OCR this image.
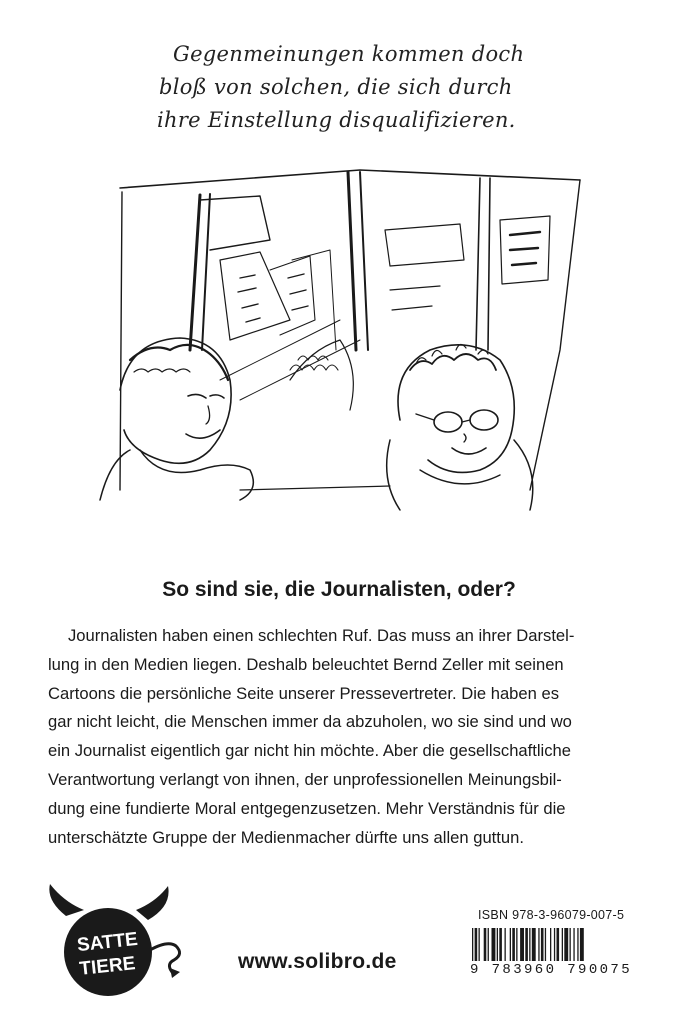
Gegenmeinungen kommen doch
bloß von solchen, die sich durch
ihre Einstellung disqualifizieren.
So sind sie, die Journalisten, oder?
Journalisten haben einen schlechten Ruf. Das muss an ihrer Darstel-
lung in den Medien liegen. Deshalb beleuchtet Bernd Zeller mit seinen
Cartoons die persönliche Seite unserer Pressevertreter. Die haben es
gar nicht leicht, die Menschen immer da abzuholen, wo sie sind und wo
ein Journalist eigentlich gar nicht hin möchte. Aber die gesellschaftliche
Verantwortung verlangt von ihnen, der unprofessionellen Meinungsbil-
dung eine fundierte Moral entgegenzusetzen. Mehr Verständnis für die
unterschätzte Gruppe der Medienmacher dürfte uns allen guttun.
SATTE
TIERE	www.solibro.de
ISBN 978-3-96079-007-5
9 783960 790075
